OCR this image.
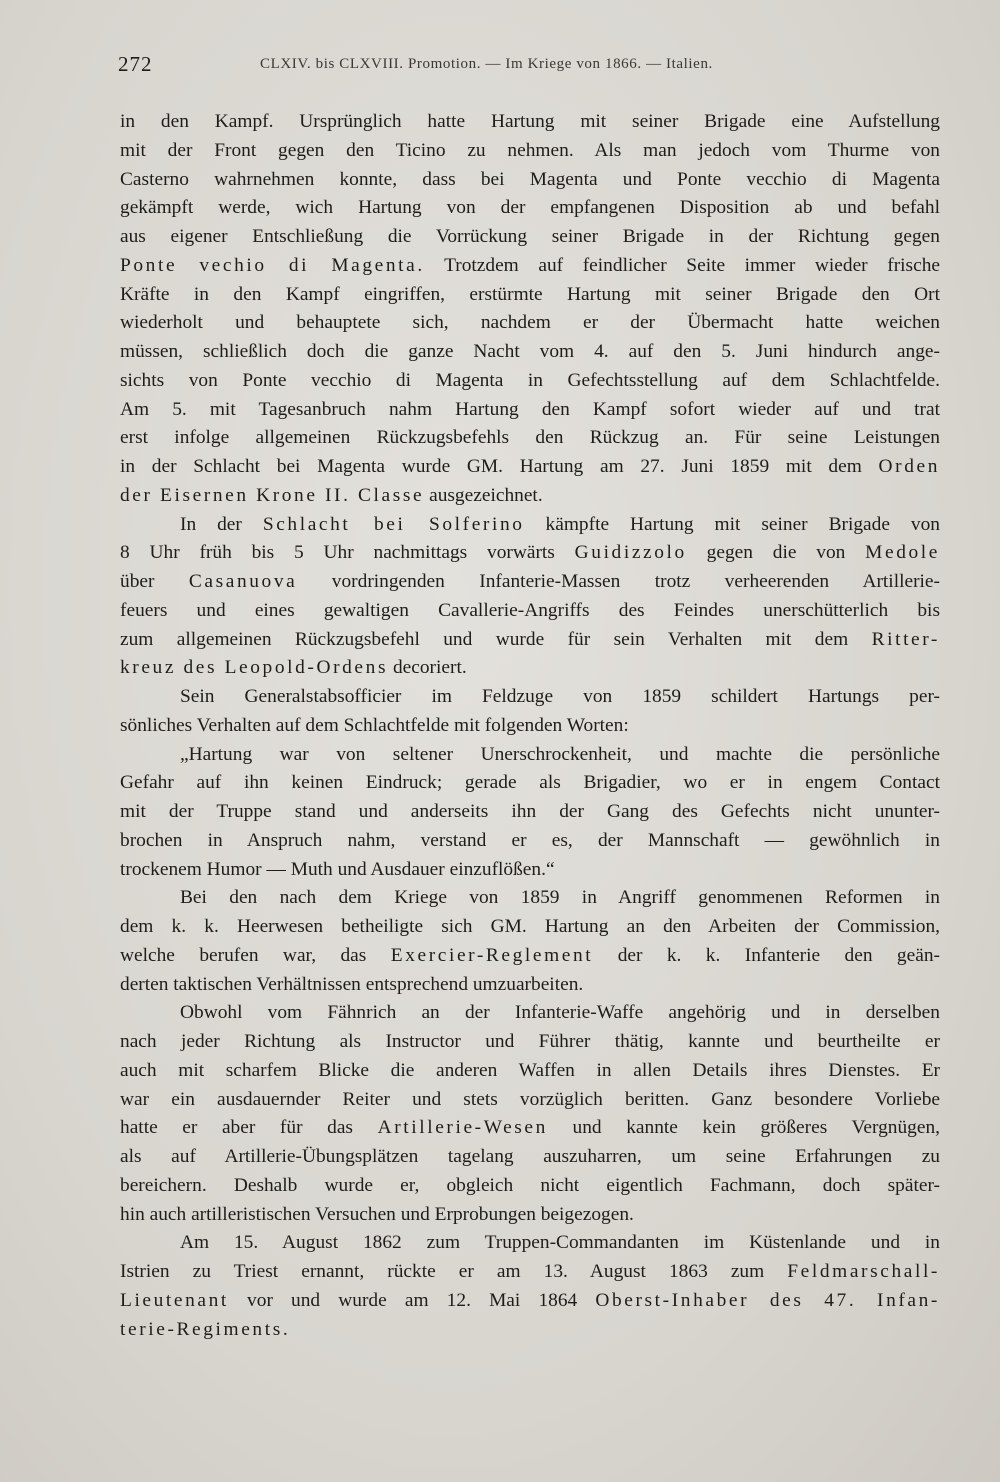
272	CLXIV. bis CLXVIII. Promotion. — Im Kriege von 1866. — Italien.
in den Kampf. Ursprünglich hatte Hartung mit seiner Brigade eine Aufstellung
mit der Front gegen den Ticino zu nehmen. Als man jedoch vom Thurme von
Casterno wahrnehmen konnte, dass bei Magenta und Ponte vecchio di Magenta
gekämpft werde, wich Hartung von der empfangenen Disposition ab und befahl
aus eigener Entschließung die Vorrückung seiner Brigade in der Richtung gegen
Ponte vechio di Magenta. Trotzdem auf feindlicher Seite immer wieder frische
Kräfte in den Kampf eingriffen, erstürmte Hartung mit seiner Brigade den Ort
wiederholt und behauptete sich, nachdem er der Übermacht hatte weichen
müssen, schließlich doch die ganze Nacht vom 4. auf den 5. Juni hindurch ange-
sichts von Ponte vecchio di Magenta in Gefechtsstellung auf dem Schlachtfelde.
Am 5. mit Tagesanbruch nahm Hartung den Kampf sofort wieder auf und trat
erst infolge allgemeinen Rückzugsbefehls den Rückzug an. Für seine Leistungen
in der Schlacht bei Magenta wurde GM. Hartung am 27. Juni 1859 mit dem Orden
der Eisernen Krone II. Classe ausgezeichnet.
In der Schlacht bei Solferino kämpfte Hartung mit seiner Brigade von
8 Uhr früh bis 5 Uhr nachmittags vorwärts Guidizzolo gegen die von Medole
über Casanuova vordringenden Infanterie-Massen trotz verheerenden Artillerie-
feuers und eines gewaltigen Cavallerie-Angriffs des Feindes unerschütterlich bis
zum allgemeinen Rückzugsbefehl und wurde für sein Verhalten mit dem Ritter-
kreuz des Leopold-Ordens decoriert.
Sein Generalstabsofficier im Feldzuge von 1859 schildert Hartungs per-
sönliches Verhalten auf dem Schlachtfelde mit folgenden Worten:
„Hartung war von seltener Unerschrockenheit, und machte die persönliche
Gefahr auf ihn keinen Eindruck; gerade als Brigadier, wo er in engem Contact
mit der Truppe stand und anderseits ihn der Gang des Gefechts nicht ununter-
brochen in Anspruch nahm, verstand er es, der Mannschaft — gewöhnlich in
trockenem Humor — Muth und Ausdauer einzuflößen.“
Bei den nach dem Kriege von 1859 in Angriff genommenen Reformen in
dem k. k. Heerwesen betheiligte sich GM. Hartung an den Arbeiten der Commission,
welche berufen war, das Exercier-Reglement der k. k. Infanterie den geän-
derten taktischen Verhältnissen entsprechend umzuarbeiten.
Obwohl vom Fähnrich an der Infanterie-Waffe angehörig und in derselben
nach jeder Richtung als Instructor und Führer thätig, kannte und beurtheilte er
auch mit scharfem Blicke die anderen Waffen in allen Details ihres Dienstes. Er
war ein ausdauernder Reiter und stets vorzüglich beritten. Ganz besondere Vorliebe
hatte er aber für das Artillerie-Wesen und kannte kein größeres Vergnügen,
als auf Artillerie-Übungsplätzen tagelang auszuharren, um seine Erfahrungen zu
bereichern. Deshalb wurde er, obgleich nicht eigentlich Fachmann, doch später-
hin auch artilleristischen Versuchen und Erprobungen beigezogen.
Am 15. August 1862 zum Truppen-Commandanten im Küstenlande und in
Istrien zu Triest ernannt, rückte er am 13. August 1863 zum Feldmarschall-
Lieutenant vor und wurde am 12. Mai 1864 Oberst-Inhaber des 47. Infan-
terie-Regiments.
